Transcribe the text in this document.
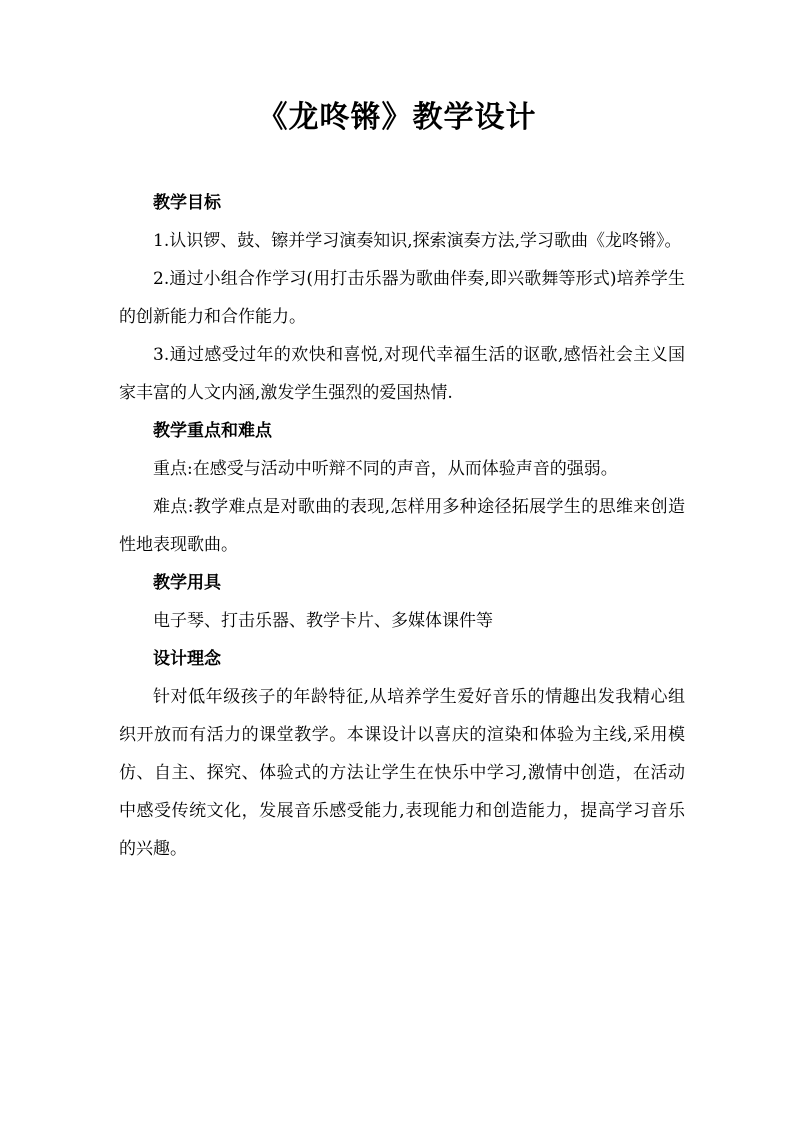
《龙咚锵》教学设计

教学目标

1.认识锣、鼓、镲并学习演奏知识,探索演奏方法,学习歌曲《龙咚锵》。

2.通过小组合作学习(用打击乐器为歌曲伴奏,即兴歌舞等形式)培养学生的创新能力和合作能力。

3.通过感受过年的欢快和喜悦,对现代幸福生活的讴歌,感悟社会主义国家丰富的人文内涵,激发学生强烈的爱国热情.

教学重点和难点

重点:在感受与活动中听辩不同的声音，从而体验声音的强弱。

难点:教学难点是对歌曲的表现,怎样用多种途径拓展学生的思维来创造性地表现歌曲。

教学用具

电子琴、打击乐器、教学卡片、多媒体课件等

设计理念

针对低年级孩子的年龄特征,从培养学生爱好音乐的情趣出发我精心组织开放而有活力的课堂教学。本课设计以喜庆的渲染和体验为主线,采用模仿、自主、探究、体验式的方法让学生在快乐中学习,激情中创造，在活动中感受传统文化，发展音乐感受能力,表现能力和创造能力，提高学习音乐的兴趣。
